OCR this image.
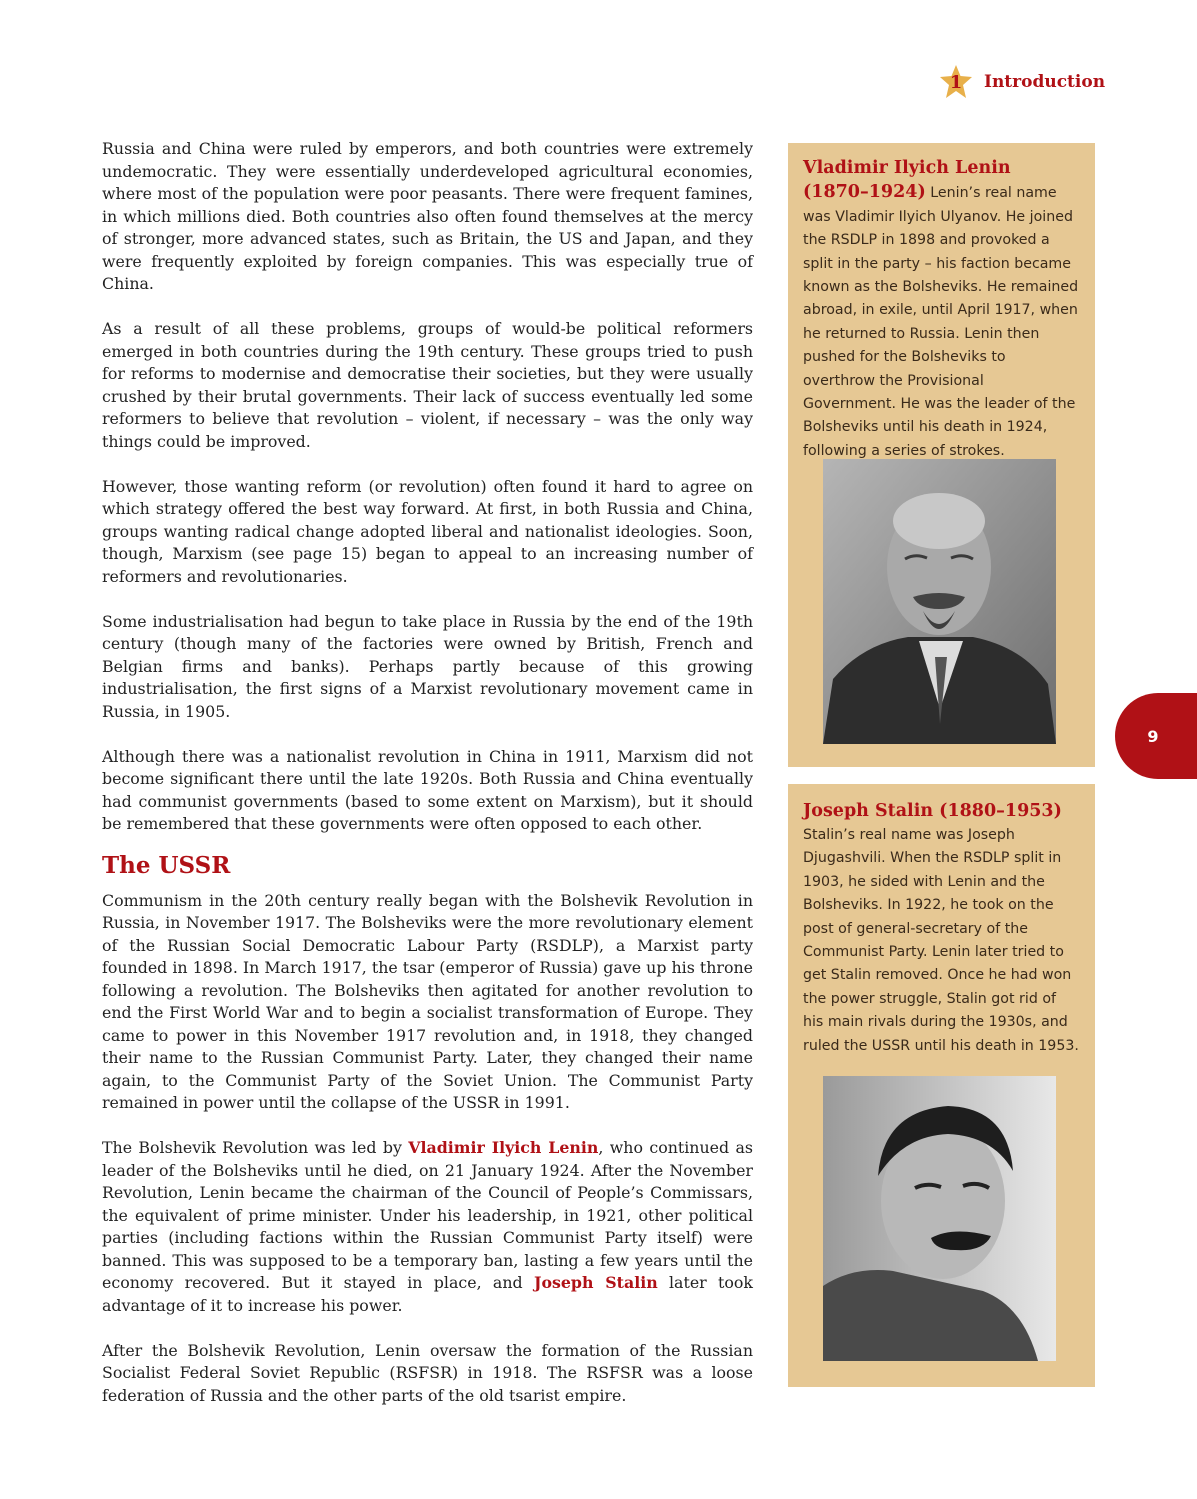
1	Introduction

Russia and China were ruled by emperors, and both countries were extremely undemocratic. They were essentially underdeveloped agricultural economies, where most of the population were poor peasants. There were frequent famines, in which millions died. Both countries also often found themselves at the mercy of stronger, more advanced states, such as Britain, the US and Japan, and they were frequently exploited by foreign companies. This was especially true of China.

As a result of all these problems, groups of would-be political reformers emerged in both countries during the 19th century. These groups tried to push for reforms to modernise and democratise their societies, but they were usually crushed by their brutal governments. Their lack of success eventually led some reformers to believe that revolution – violent, if necessary – was the only way things could be improved.

However, those wanting reform (or revolution) often found it hard to agree on which strategy offered the best way forward. At first, in both Russia and China, groups wanting radical change adopted liberal and nationalist ideologies. Soon, though, Marxism (see page 15) began to appeal to an increasing number of reformers and revolutionaries.

Some industrialisation had begun to take place in Russia by the end of the 19th century (though many of the factories were owned by British, French and Belgian firms and banks). Perhaps partly because of this growing industrialisation, the first signs of a Marxist revolutionary movement came in Russia, in 1905.

Although there was a nationalist revolution in China in 1911, Marxism did not become significant there until the late 1920s. Both Russia and China eventually had communist governments (based to some extent on Marxism), but it should be remembered that these governments were often opposed to each other.

The USSR

Communism in the 20th century really began with the Bolshevik Revolution in Russia, in November 1917. The Bolsheviks were the more revolutionary element of the Russian Social Democratic Labour Party (RSDLP), a Marxist party founded in 1898. In March 1917, the tsar (emperor of Russia) gave up his throne following a revolution. The Bolsheviks then agitated for another revolution to end the First World War and to begin a socialist transformation of Europe. They came to power in this November 1917 revolution and, in 1918, they changed their name to the Russian Communist Party. Later, they changed their name again, to the Communist Party of the Soviet Union. The Communist Party remained in power until the collapse of the USSR in 1991.

The Bolshevik Revolution was led by Vladimir Ilyich Lenin, who continued as leader of the Bolsheviks until he died, on 21 January 1924. After the November Revolution, Lenin became the chairman of the Council of People’s Commissars, the equivalent of prime minister. Under his leadership, in 1921, other political parties (including factions within the Russian Communist Party itself) were banned. This was supposed to be a temporary ban, lasting a few years until the economy recovered. But it stayed in place, and Joseph Stalin later took advantage of it to increase his power.

After the Bolshevik Revolution, Lenin oversaw the formation of the Russian Socialist Federal Soviet Republic (RSFSR) in 1918. The RSFSR was a loose federation of Russia and the other parts of the old tsarist empire.

Vladimir Ilyich Lenin (1870–1924) Lenin’s real name was Vladimir Ilyich Ulyanov. He joined the RSDLP in 1898 and provoked a split in the party – his faction became known as the Bolsheviks. He remained abroad, in exile, until April 1917, when he returned to Russia. Lenin then pushed for the Bolsheviks to overthrow the Provisional Government. He was the leader of the Bolsheviks until his death in 1924, following a series of strokes.

Joseph Stalin (1880–1953)
Stalin’s real name was Joseph Djugashvili. When the RSDLP split in 1903, he sided with Lenin and the Bolsheviks. In 1922, he took on the post of general-secretary of the Communist Party. Lenin later tried to get Stalin removed. Once he had won the power struggle, Stalin got rid of his main rivals during the 1930s, and ruled the USSR until his death in 1953.

9
